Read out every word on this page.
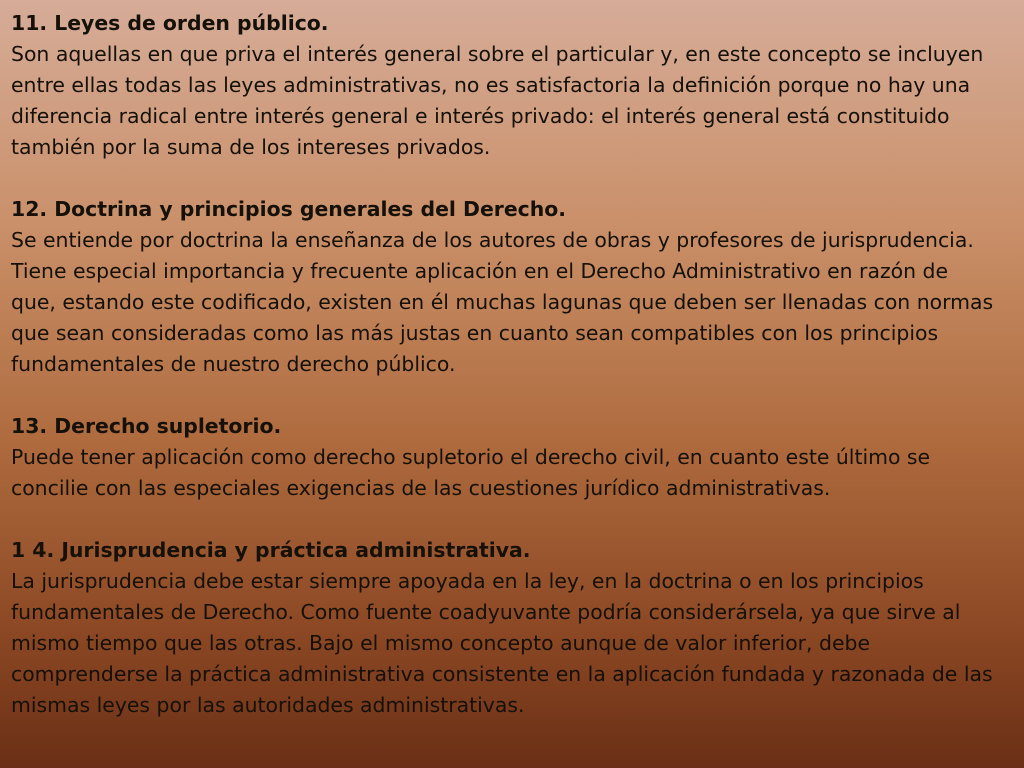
11. Leyes de orden público.

Son aquellas en que priva el interés general sobre el particular y, en este concepto se incluyen
entre ellas todas las leyes administrativas, no es satisfactoria la definición porque no hay una
diferencia radical entre interés general e interés privado: el interés general está constituido
también por la suma de los intereses privados.

12. Doctrina y principios generales del Derecho.

Se entiende por doctrina la enseñanza de los autores de obras y profesores de jurisprudencia.
Tiene especial importancia y frecuente aplicación en el Derecho Administrativo en razón de
que, estando este codificado, existen en él muchas lagunas que deben ser llenadas con normas
que sean consideradas como las más justas en cuanto sean compatibles con los principios
fundamentales de nuestro derecho público.

13. Derecho supletorio.

Puede tener aplicación como derecho supletorio el derecho civil, en cuanto este último se
concilie con las especiales exigencias de las cuestiones jurídico administrativas.

1 4. Jurisprudencia y práctica administrativa.

La jurisprudencia debe estar siempre apoyada en la ley, en la doctrina o en los principios
fundamentales de Derecho. Como fuente coadyuvante podría considerársela, ya que sirve al
mismo tiempo que las otras. Bajo el mismo concepto aunque de valor inferior, debe
comprenderse la práctica administrativa consistente en la aplicación fundada y razonada de las
mismas leyes por las autoridades administrativas.
